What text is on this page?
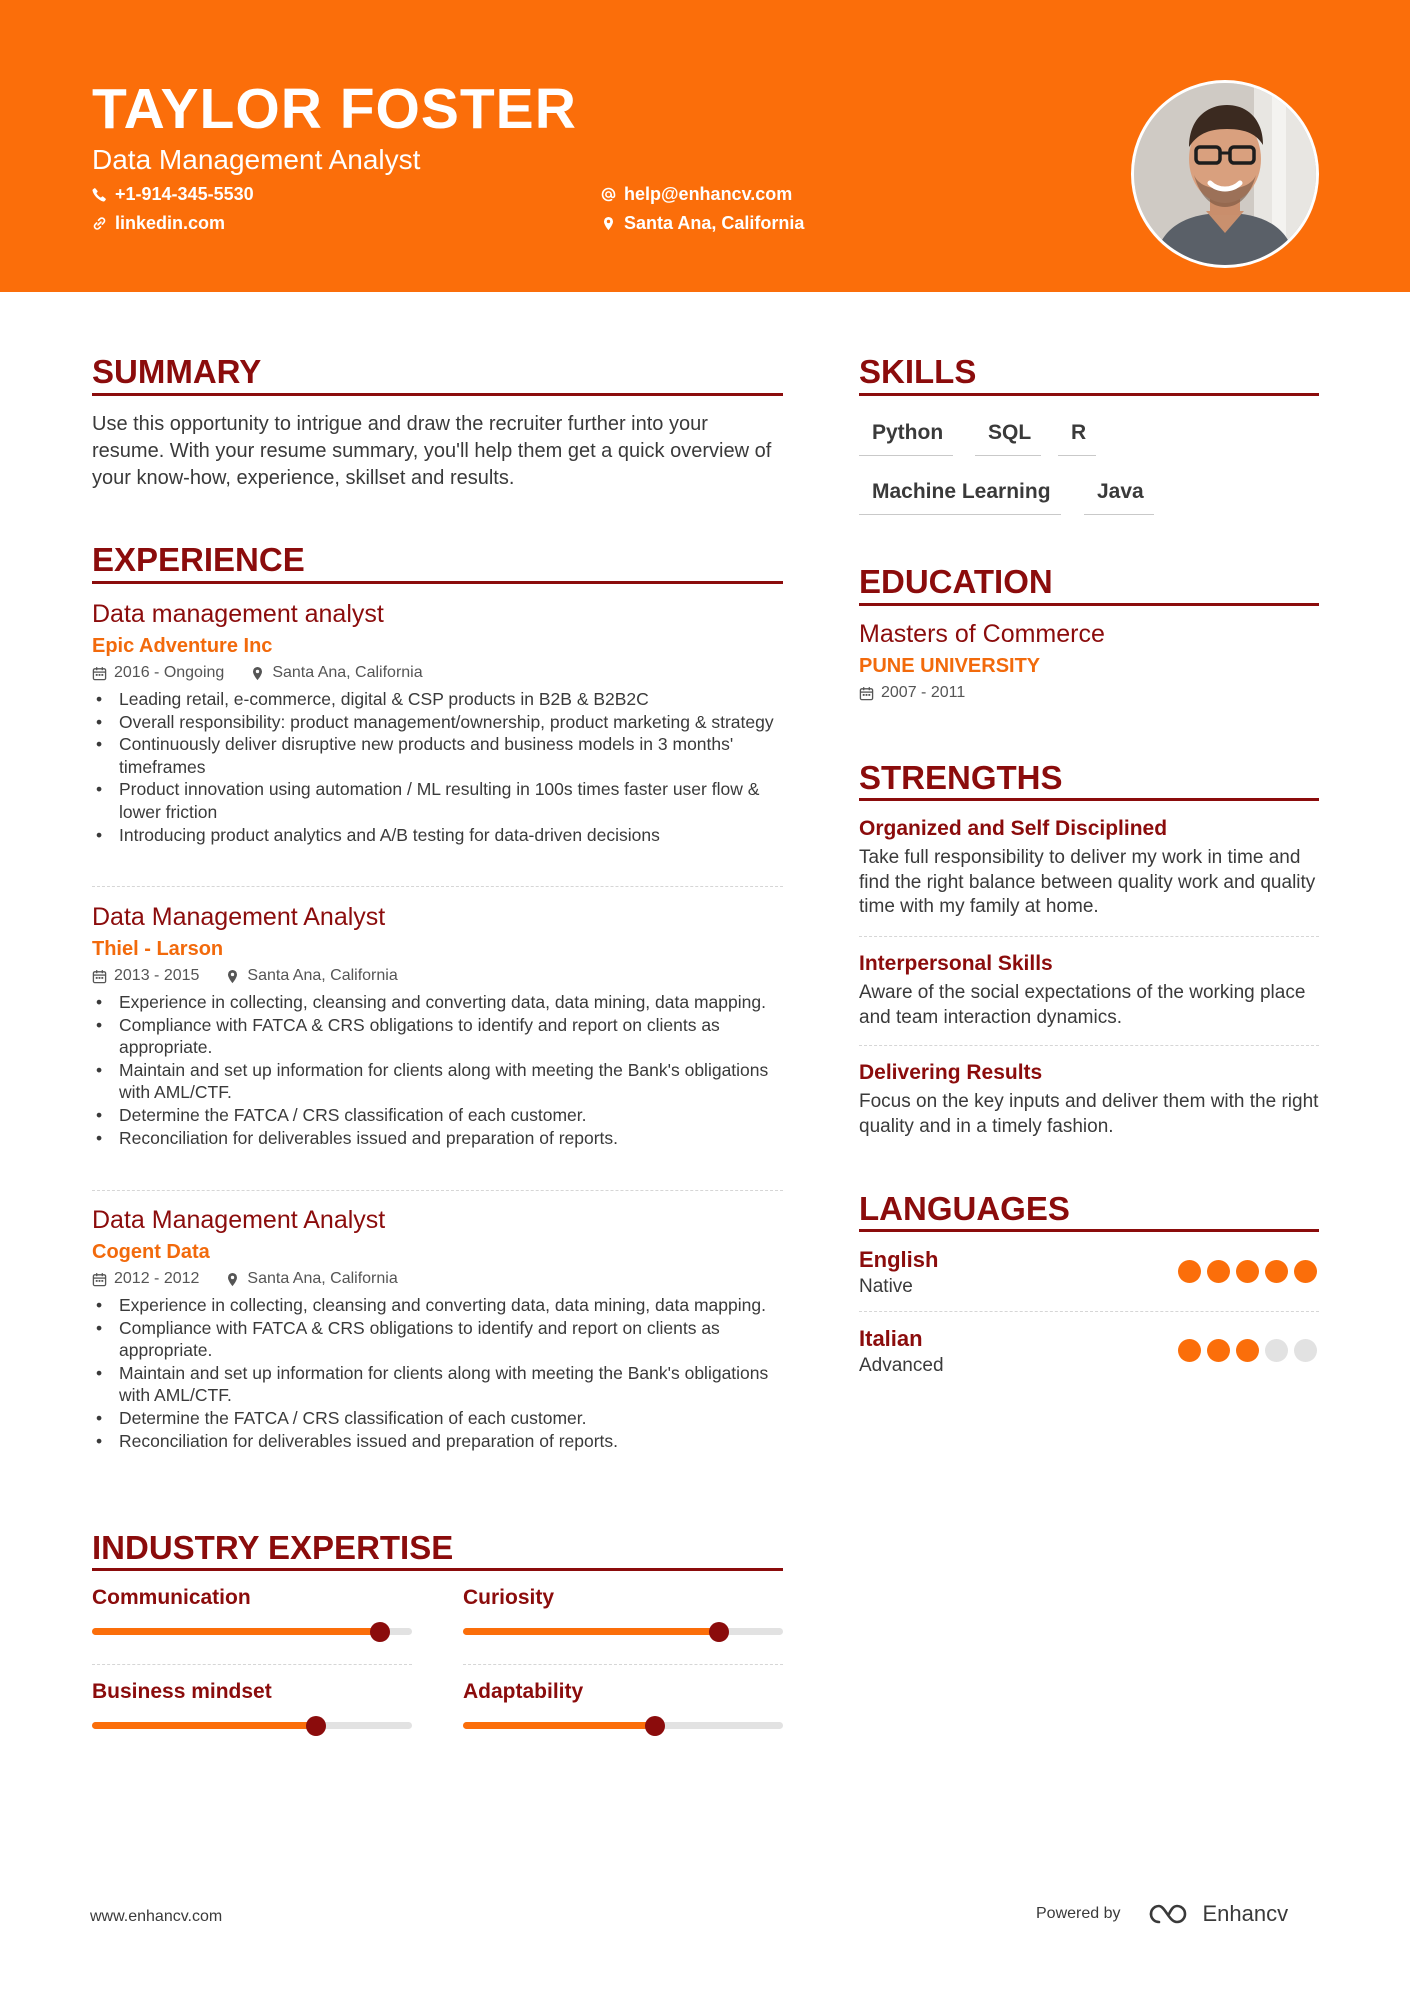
TAYLOR FOSTER
Data Management Analyst
+1-914-345-5530
linkedin.com
help@enhancv.com
Santa Ana, California
SUMMARY
Use this opportunity to intrigue and draw the recruiter further into your resume. With your resume summary, you'll help them get a quick overview of your know-how, experience, skillset and results.
EXPERIENCE
Data management analyst
Epic Adventure Inc
2016 - Ongoing	Santa Ana, California
• Leading retail, e-commerce, digital & CSP products in B2B & B2B2C
• Overall responsibility: product management/ownership, product marketing & strategy
• Continuously deliver disruptive new products and business models in 3 months' timeframes
• Product innovation using automation / ML resulting in 100s times faster user flow & lower friction
• Introducing product analytics and A/B testing for data-driven decisions
Data Management Analyst
Thiel - Larson
2013 - 2015	Santa Ana, California
• Experience in collecting, cleansing and converting data, data mining, data mapping.
• Compliance with FATCA & CRS obligations to identify and report on clients as appropriate.
• Maintain and set up information for clients along with meeting the Bank's obligations with AML/CTF.
• Determine the FATCA / CRS classification of each customer.
• Reconciliation for deliverables issued and preparation of reports.
Data Management Analyst
Cogent Data
2012 - 2012	Santa Ana, California
• Experience in collecting, cleansing and converting data, data mining, data mapping.
• Compliance with FATCA & CRS obligations to identify and report on clients as appropriate.
• Maintain and set up information for clients along with meeting the Bank's obligations with AML/CTF.
• Determine the FATCA / CRS classification of each customer.
• Reconciliation for deliverables issued and preparation of reports.
INDUSTRY EXPERTISE
Communication	Curiosity
Business mindset	Adaptability
SKILLS
Python	SQL	R
Machine Learning	Java
EDUCATION
Masters of Commerce
PUNE UNIVERSITY
2007 - 2011
STRENGTHS
Organized and Self Disciplined
Take full responsibility to deliver my work in time and find the right balance between quality work and quality time with my family at home.
Interpersonal Skills
Aware of the social expectations of the working place and team interaction dynamics.
Delivering Results
Focus on the key inputs and deliver them with the right quality and in a timely fashion.
LANGUAGES
English
Native
Italian
Advanced
www.enhancv.com	Powered by	Enhancv
